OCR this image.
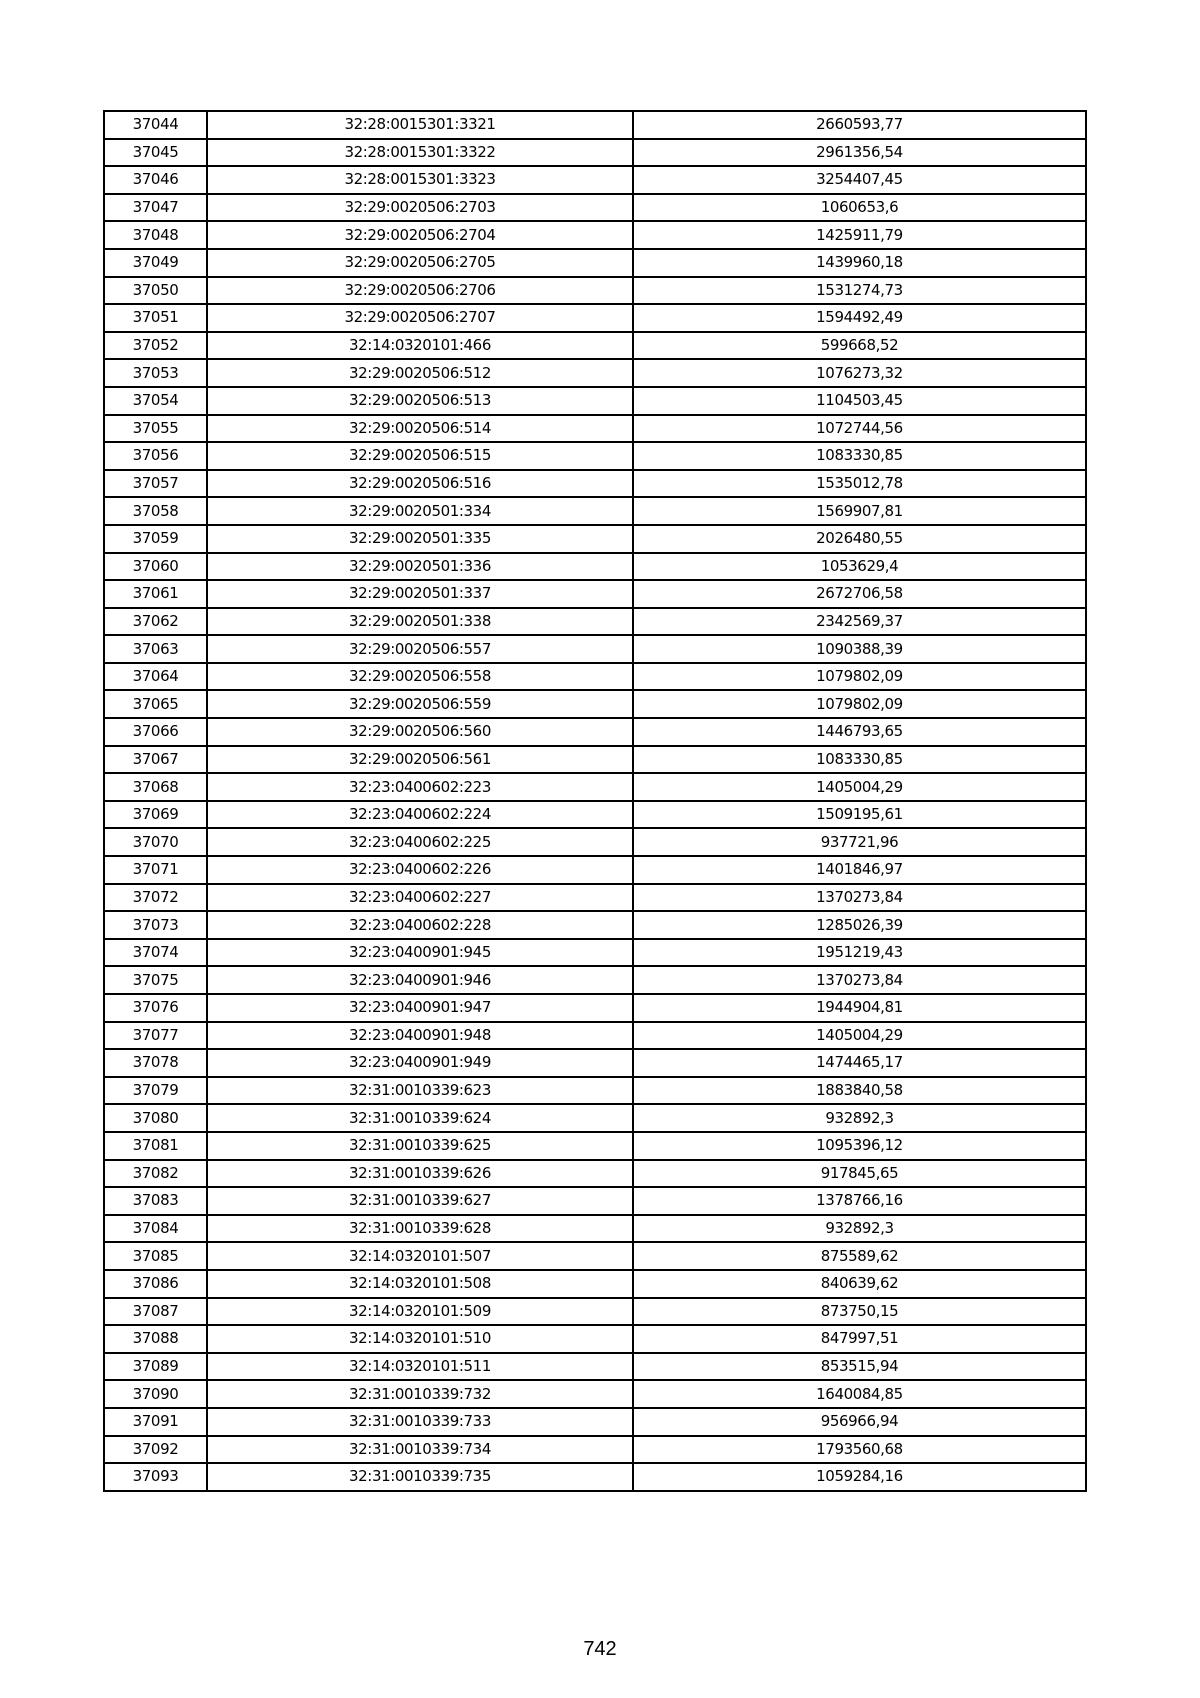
37044	32:28:0015301:3321	2660593,77
37045	32:28:0015301:3322	2961356,54
37046	32:28:0015301:3323	3254407,45
37047	32:29:0020506:2703	1060653,6
37048	32:29:0020506:2704	1425911,79
37049	32:29:0020506:2705	1439960,18
37050	32:29:0020506:2706	1531274,73
37051	32:29:0020506:2707	1594492,49
37052	32:14:0320101:466	599668,52
37053	32:29:0020506:512	1076273,32
37054	32:29:0020506:513	1104503,45
37055	32:29:0020506:514	1072744,56
37056	32:29:0020506:515	1083330,85
37057	32:29:0020506:516	1535012,78
37058	32:29:0020501:334	1569907,81
37059	32:29:0020501:335	2026480,55
37060	32:29:0020501:336	1053629,4
37061	32:29:0020501:337	2672706,58
37062	32:29:0020501:338	2342569,37
37063	32:29:0020506:557	1090388,39
37064	32:29:0020506:558	1079802,09
37065	32:29:0020506:559	1079802,09
37066	32:29:0020506:560	1446793,65
37067	32:29:0020506:561	1083330,85
37068	32:23:0400602:223	1405004,29
37069	32:23:0400602:224	1509195,61
37070	32:23:0400602:225	937721,96
37071	32:23:0400602:226	1401846,97
37072	32:23:0400602:227	1370273,84
37073	32:23:0400602:228	1285026,39
37074	32:23:0400901:945	1951219,43
37075	32:23:0400901:946	1370273,84
37076	32:23:0400901:947	1944904,81
37077	32:23:0400901:948	1405004,29
37078	32:23:0400901:949	1474465,17
37079	32:31:0010339:623	1883840,58
37080	32:31:0010339:624	932892,3
37081	32:31:0010339:625	1095396,12
37082	32:31:0010339:626	917845,65
37083	32:31:0010339:627	1378766,16
37084	32:31:0010339:628	932892,3
37085	32:14:0320101:507	875589,62
37086	32:14:0320101:508	840639,62
37087	32:14:0320101:509	873750,15
37088	32:14:0320101:510	847997,51
37089	32:14:0320101:511	853515,94
37090	32:31:0010339:732	1640084,85
37091	32:31:0010339:733	956966,94
37092	32:31:0010339:734	1793560,68
37093	32:31:0010339:735	1059284,16
742
